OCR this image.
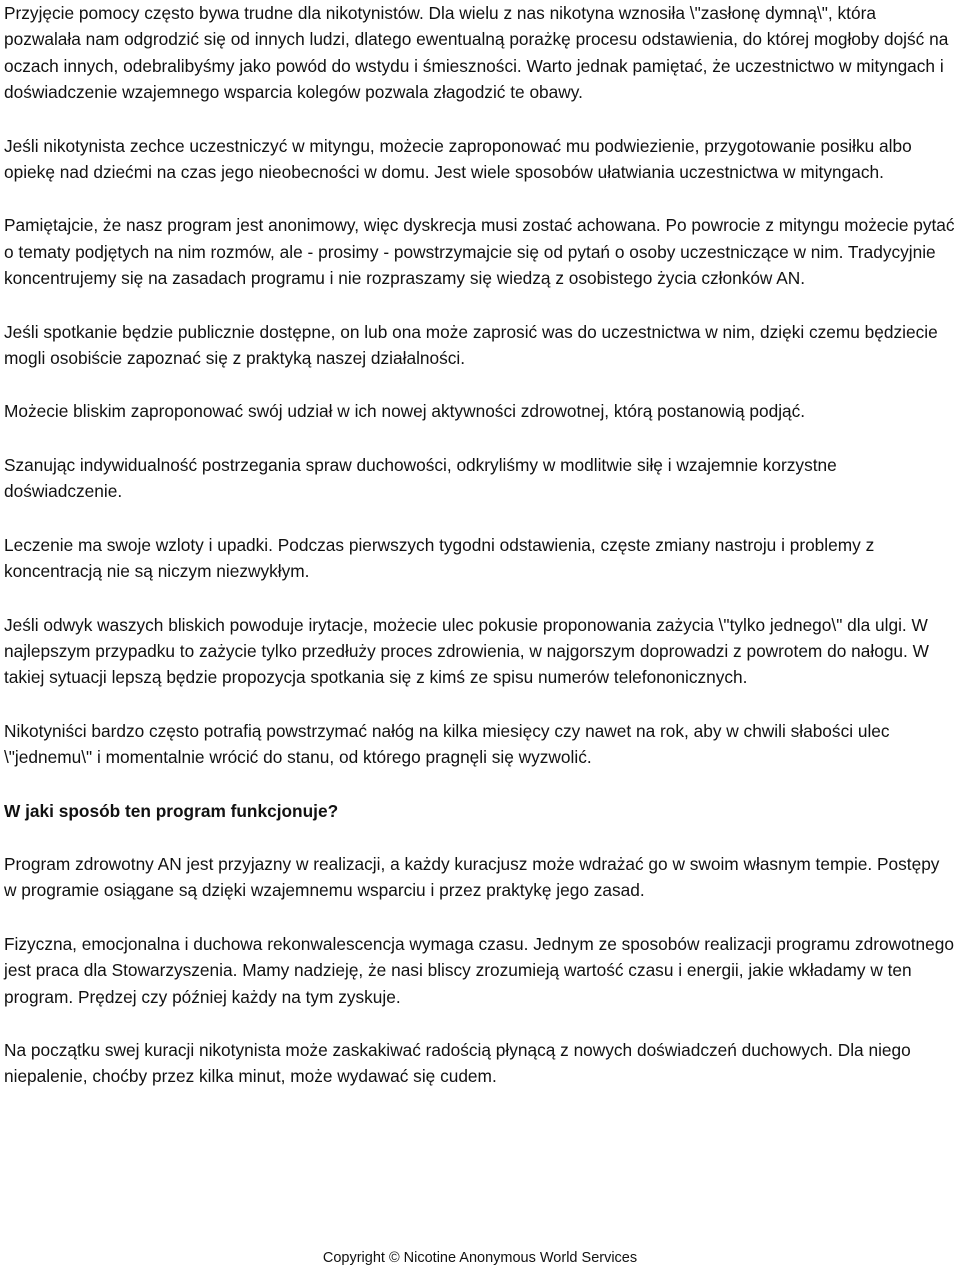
Przyjęcie pomocy często bywa trudne dla nikotynistów. Dla wielu z nas nikotyna wznosiła \"zasłonę dymną\", która pozwalała nam odgrodzić się od innych ludzi, dlatego ewentualną porażkę procesu odstawienia, do której mogłoby dojść na oczach innych, odebralibyśmy jako powód do wstydu i śmieszności. Warto jednak pamiętać, że uczestnictwo w mityngach i doświadczenie wzajemnego wsparcia kolegów pozwala złagodzić te obawy.

Jeśli nikotynista zechce uczestniczyć w mityngu, możecie zaproponować mu podwiezienie, przygotowanie posiłku albo opiekę nad dziećmi na czas jego nieobecności w domu. Jest wiele sposobów ułatwiania uczestnictwa w mityngach.

Pamiętajcie, że nasz program jest anonimowy, więc dyskrecja musi zostać achowana. Po powrocie z mityngu możecie pytać o tematy podjętych na nim rozmów, ale - prosimy - powstrzymajcie się od pytań o osoby uczestniczące w nim. Tradycyjnie koncentrujemy się na zasadach programu i nie rozpraszamy się wiedzą z osobistego życia członków AN.

Jeśli spotkanie będzie publicznie dostępne, on lub ona może zaprosić was do uczestnictwa w nim, dzięki czemu będziecie mogli osobiście zapoznać się z praktyką naszej działalności.

Możecie bliskim zaproponować swój udział w ich nowej aktywności zdrowotnej, którą postanowią podjąć.

Szanując indywidualność postrzegania spraw duchowości, odkryliśmy w modlitwie siłę i wzajemnie korzystne doświadczenie.

Leczenie ma swoje wzloty i upadki. Podczas pierwszych tygodni odstawienia, częste zmiany nastroju i problemy z koncentracją nie są niczym niezwykłym.

Jeśli odwyk waszych bliskich powoduje irytacje, możecie ulec pokusie proponowania zażycia \"tylko jednego\" dla ulgi. W najlepszym przypadku to zażycie tylko przedłuży proces zdrowienia, w najgorszym doprowadzi z powrotem do nałogu. W takiej sytuacji lepszą będzie propozycja spotkania się z kimś ze spisu numerów telefononicznych.

Nikotyniści bardzo często potrafią powstrzymać nałóg na kilka miesięcy czy nawet na rok, aby w chwili słabości ulec \"jednemu\" i momentalnie wrócić do stanu, od którego pragnęli się wyzwolić.

W jaki sposób ten program funkcjonuje?

Program zdrowotny AN jest przyjazny w realizacji, a każdy kuracjusz może wdrażać go w swoim własnym tempie. Postępy w programie osiągane są dzięki wzajemnemu wsparciu i przez praktykę jego zasad.

Fizyczna, emocjonalna i duchowa rekonwalescencja wymaga czasu. Jednym ze sposobów realizacji programu zdrowotnego jest praca dla Stowarzyszenia. Mamy nadzieję, że nasi bliscy zrozumieją wartość czasu i energii, jakie wkładamy w ten program. Prędzej czy później każdy na tym zyskuje.

Na początku swej kuracji nikotynista może zaskakiwać radością płynącą z nowych doświadczeń duchowych. Dla niego niepalenie, choćby przez kilka minut, może wydawać się cudem.

Copyright © Nicotine Anonymous World Services
